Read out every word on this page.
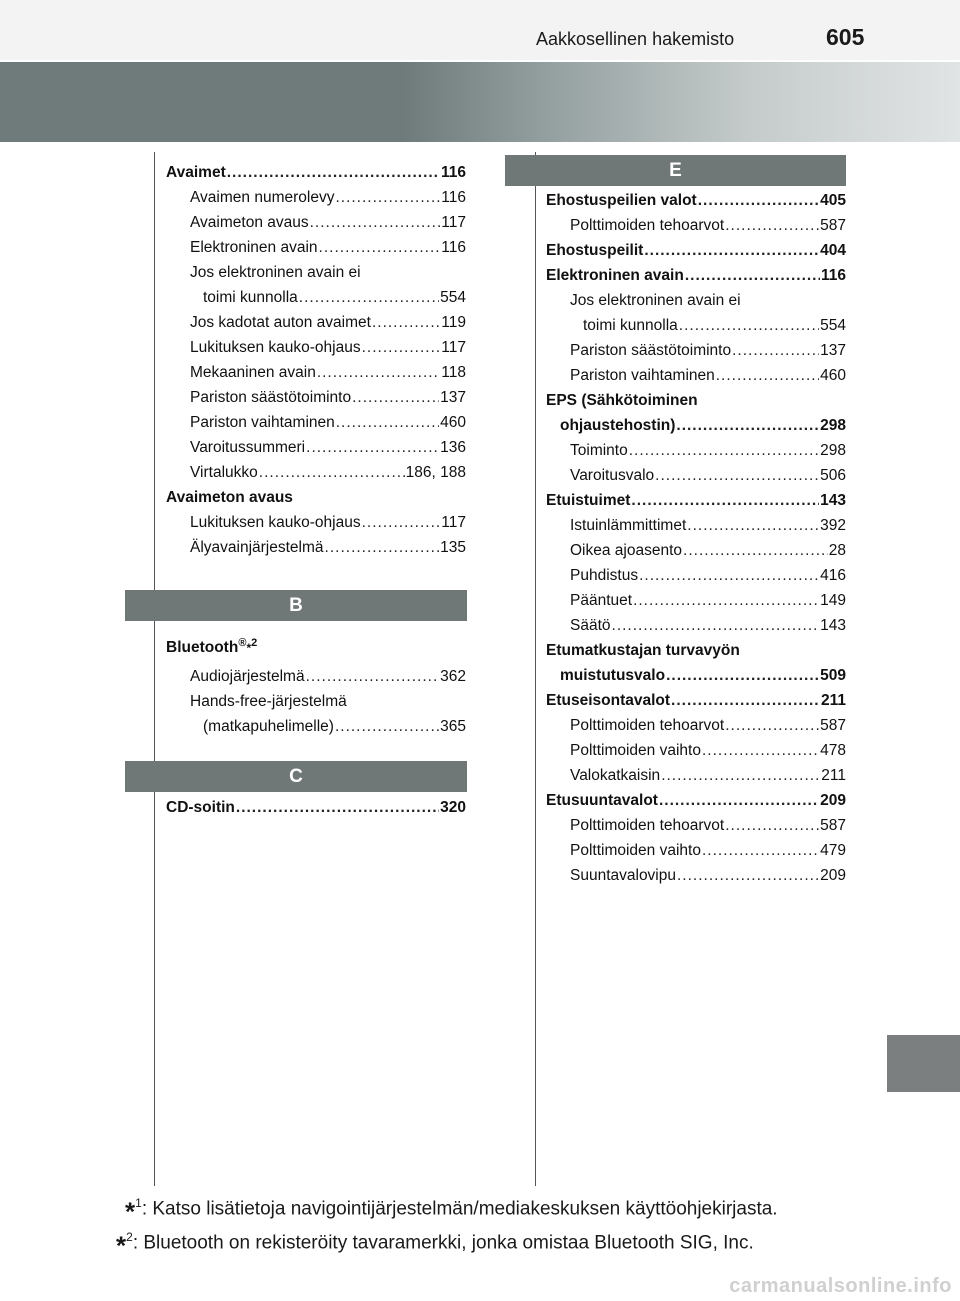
Aakkosellinen hakemisto	605
Avaimet .....	116
Avaimen numerolevy .....	116
Avaimeton avaus .....	117
Elektroninen avain .....	116
Jos elektroninen avain ei
toimi kunnolla .....	554
Jos kadotat auton avaimet .....	119
Lukituksen kauko-ohjaus .....	117
Mekaaninen avain .....	118
Pariston säästötoiminto .....	137
Pariston vaihtaminen .....	460
Varoitussummeri .....	136
Virtalukko .....	186, 188
Avaimeton avaus
Lukituksen kauko-ohjaus .....	117
Älyavainjärjestelmä .....	135
B
Bluetooth®*$^2$
Audiojärjestelmä .....	362
Hands-free-järjestelmä
(matkapuhelimelle) .....	365
C
CD-soitin .....	320
E
Ehostuspeilien valot .....	405
Polttimoiden tehoarvot .....	587
Ehostuspeilit .....	404
Elektroninen avain .....	116
Jos elektroninen avain ei
toimi kunnolla .....	554
Pariston säästötoiminto .....	137
Pariston vaihtaminen .....	460
EPS (Sähkötoiminen
ohjaustehostin) .....	298
Toiminto .....	298
Varoitusvalo .....	506
Etuistuimet .....	143
Istuinlämmittimet .....	392
Oikea ajoasento .....	28
Puhdistus .....	416
Pääntuet .....	149
Säätö .....	143
Etumatkustajan turvavyön
muistutusvalo .....	509
Etuseisontavalot .....	211
Polttimoiden tehoarvot .....	587
Polttimoiden vaihto .....	478
Valokatkaisin .....	211
Etusuuntavalot .....	209
Polttimoiden tehoarvot .....	587
Polttimoiden vaihto .....	479
Suuntavalovipu .....	209
*$^1$: Katso lisätietoja navigointijärjestelmän/mediakeskuksen käyttöohjekirjasta.
*$^2$: Bluetooth on rekisteröity tavaramerkki, jonka omistaa Bluetooth SIG, Inc.
carmanualsonline.info
